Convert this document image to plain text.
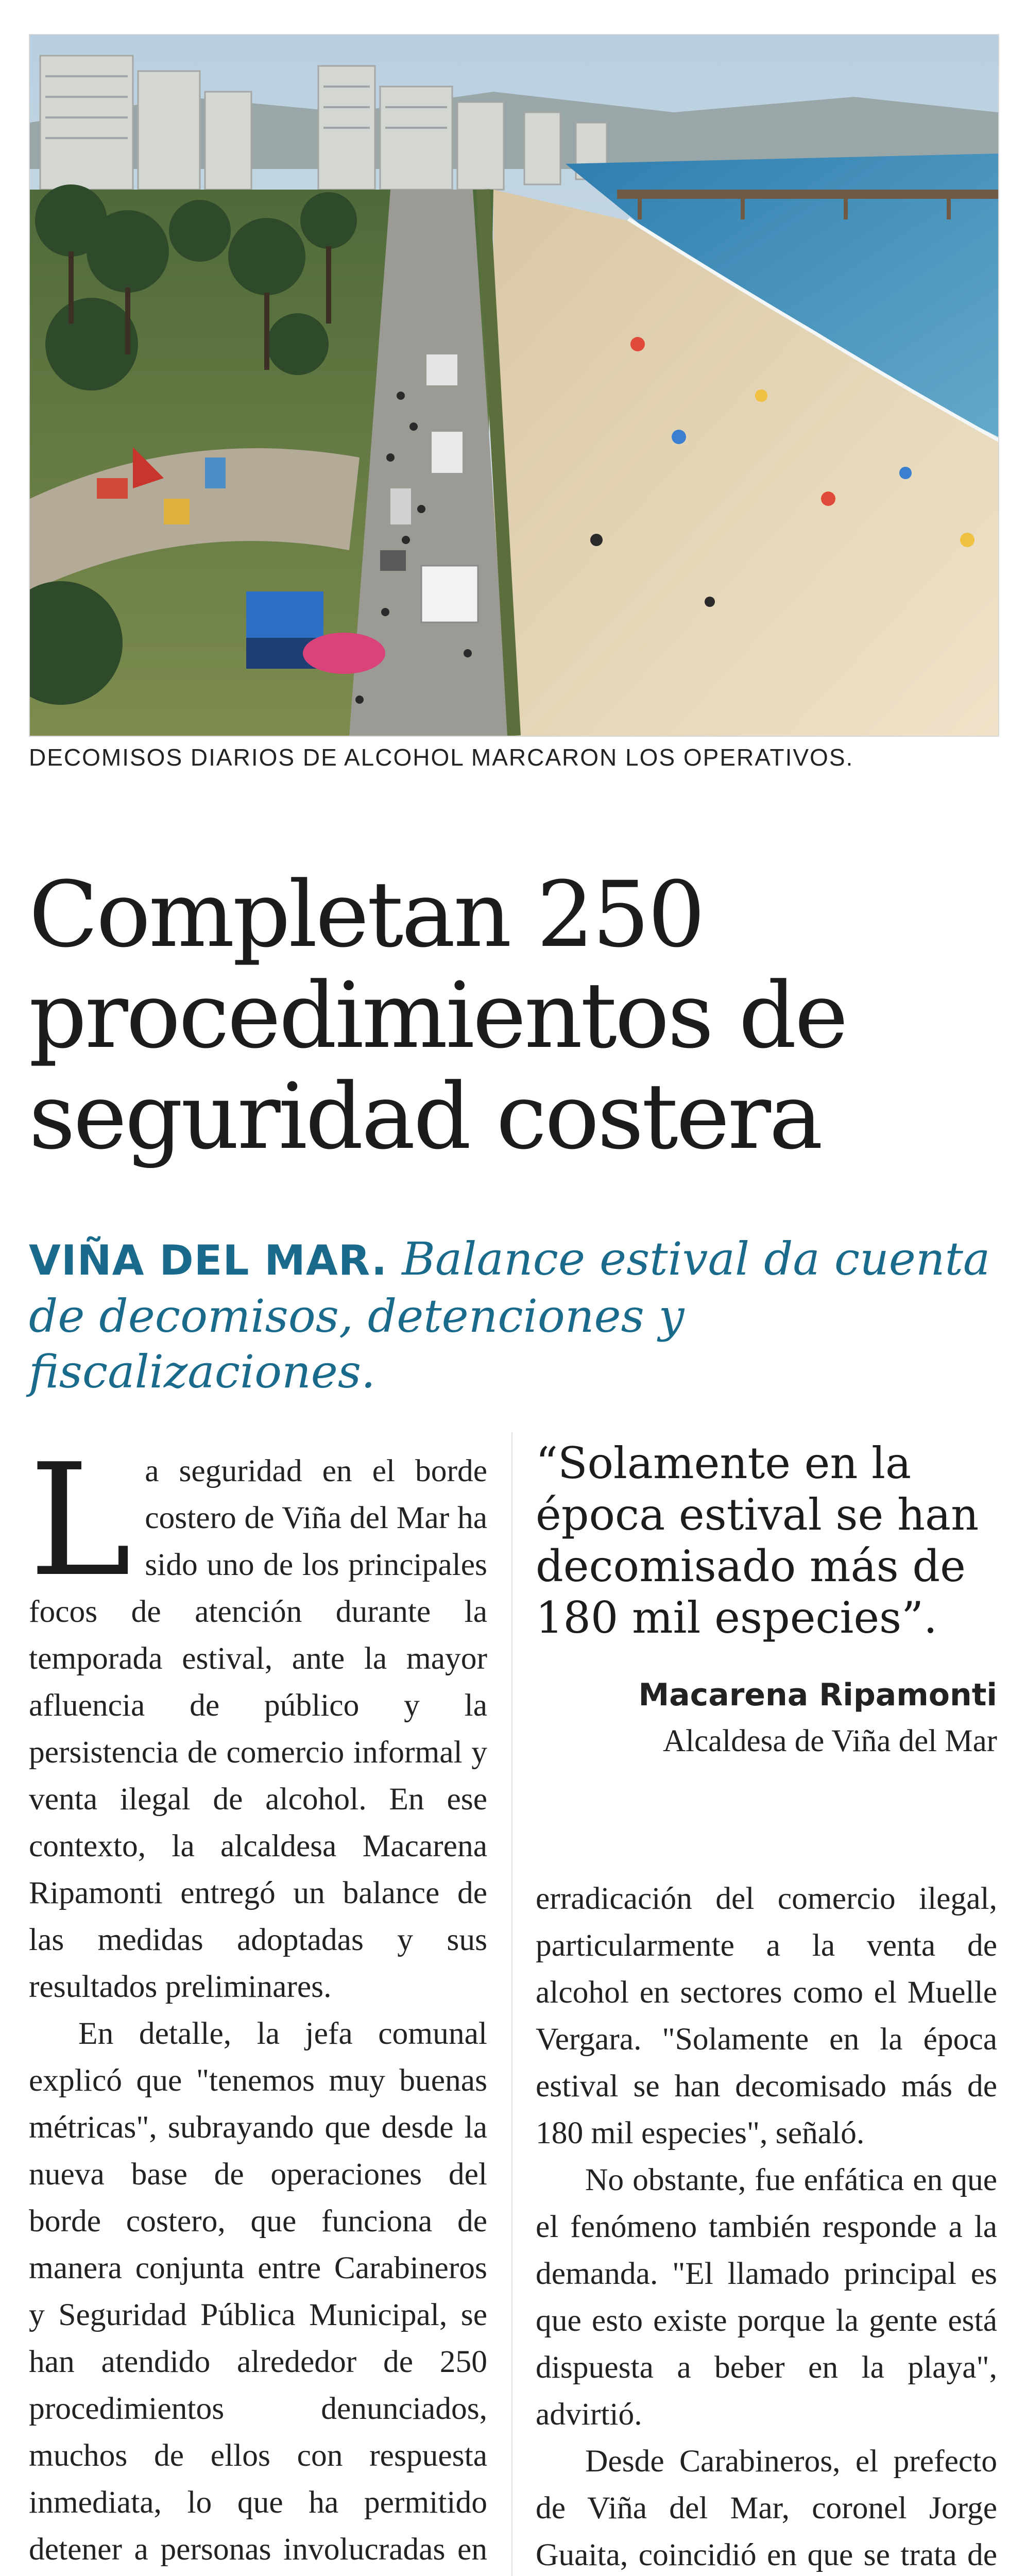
DECOMISOS DIARIOS DE ALCOHOL MARCARON LOS OPERATIVOS.
Completan 250 procedimientos de seguridad costera
VIÑA DEL MAR. Balance estival da cuenta de decomisos, detenciones y fiscalizaciones.

La seguridad en el borde costero de Viña del Mar ha sido uno de los principales focos de atención durante la temporada estival, ante la mayor afluencia de público y la persistencia de comercio informal y venta ilegal de alcohol. En ese contexto, la alcaldesa Macarena Ripamonti entregó un balance de las medidas adoptadas y sus resultados preliminares.

En detalle, la jefa comunal explicó que "tenemos muy buenas métricas", subrayando que desde la nueva base de operaciones del borde costero, que funciona de manera conjunta entre Carabineros y Seguridad Pública Municipal, se han atendido alrededor de 250 procedimientos denunciados, muchos de ellos con respuesta inmediata, lo que ha permitido detener a personas involucradas en

“Solamente en la época estival se han decomisado más de 180 mil especies”.
Macarena Ripamonti
Alcaldesa de Viña del Mar

erradicación del comercio ilegal, particularmente a la venta de alcohol en sectores como el Muelle Vergara. "Solamente en la época estival se han decomisado más de 180 mil especies", señaló.

No obstante, fue enfática en que el fenómeno también responde a la demanda. "El llamado principal es que esto existe porque la gente está dispuesta a beber en la playa", advirtió.

Desde Carabineros, el prefecto de Viña del Mar, coronel Jorge Guaita, coincidió en que se trata de
